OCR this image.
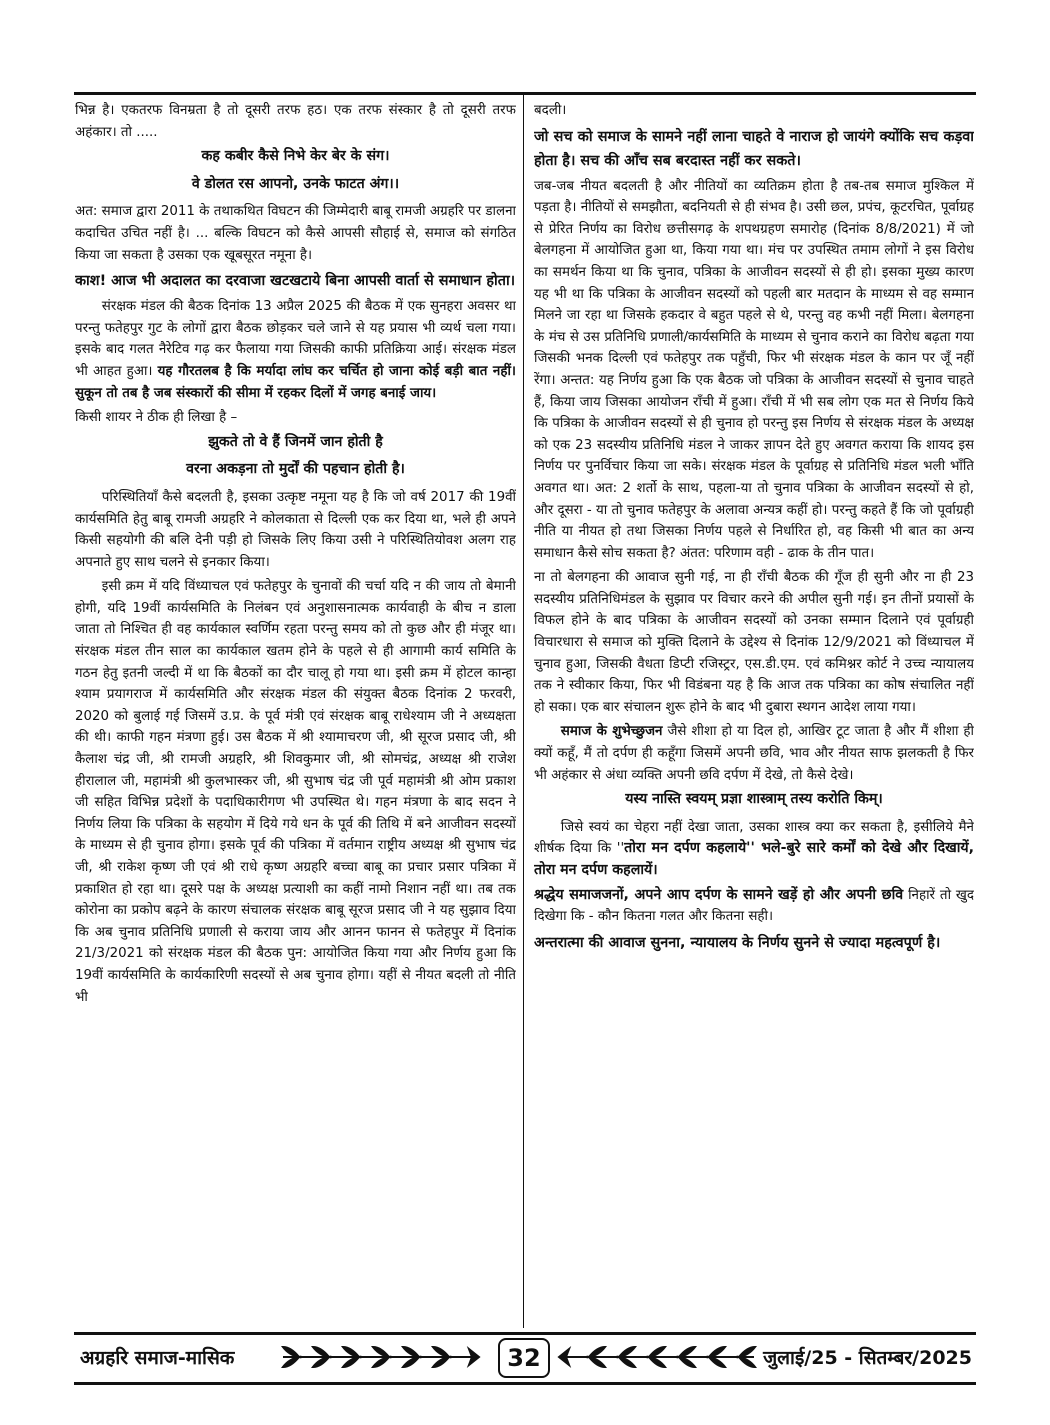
भिन्न है। एकतरफ विनम्रता है तो दूसरी तरफ हठ। एक तरफ संस्कार है तो दूसरी तरफ अहंकार। तो .....

कह कबीर कैसे निभे केर बेर के संग।

वे डोलत रस आपनो, उनके फाटत अंग।।

अत: समाज द्वारा 2011 के तथाकथित विघटन की जिम्मेदारी बाबू रामजी अग्रहरि पर डालना कदाचित उचित नहीं है। ... बल्कि विघटन को कैसे आपसी सौहाई से, समाज को संगठित किया जा सकता है उसका एक खूबसूरत नमूना है।

काश! आज भी अदालत का दरवाजा खटखटाये बिना आपसी वार्ता से समाधान होता।

संरक्षक मंडल की बैठक दिनांक 13 अप्रैल 2025 की बैठक में एक सुनहरा अवसर था परन्तु फतेहपुर गुट के लोगों द्वारा बैठक छोड़कर चले जाने से यह प्रयास भी व्यर्थ चला गया। इसके बाद गलत नैरेटिव गढ़ कर फैलाया गया जिसकी काफी प्रतिक्रिया आई। संरक्षक मंडल भी आहत हुआ। यह गौरतलब है कि मर्यादा लांघ कर चर्चित हो जाना कोई बड़ी बात नहीं। सुकून तो तब है जब संस्कारों की सीमा में रहकर दिलों में जगह बनाई जाय।

किसी शायर ने ठीक ही लिखा है –

झुकते तो वे हैं जिनमें जान होती है

वरना अकड़ना तो मुर्दों की पहचान होती है।

परिस्थितियाँ कैसे बदलती है, इसका उत्कृष्ट नमूना यह है कि जो वर्ष 2017 की 19वीं कार्यसमिति हेतु बाबू रामजी अग्रहरि ने कोलकाता से दिल्ली एक कर दिया था, भले ही अपने किसी सहयोगी की बलि देनी पड़ी हो जिसके लिए किया उसी ने परिस्थितियोवश अलग राह अपनाते हुए साथ चलने से इनकार किया।

इसी क्रम में यदि विंध्याचल एवं फतेहपुर के चुनावों की चर्चा यदि न की जाय तो बेमानी होगी, यदि 19वीं कार्यसमिति के निलंबन एवं अनुशासनात्मक कार्यवाही के बीच न डाला जाता तो निश्चित ही वह कार्यकाल स्वर्णिम रहता परन्तु समय को तो कुछ और ही मंजूर था। संरक्षक मंडल तीन साल का कार्यकाल खतम होने के पहले से ही आगामी कार्य समिति के गठन हेतु इतनी जल्दी में था कि बैठकों का दौर चालू हो गया था। इसी क्रम में होटल कान्हा श्याम प्रयागराज में कार्यसमिति और संरक्षक मंडल की संयुक्त बैठक दिनांक 2 फरवरी, 2020 को बुलाई गई जिसमें उ.प्र. के पूर्व मंत्री एवं संरक्षक बाबू राधेश्याम जी ने अध्यक्षता की थी। काफी गहन मंत्रणा हुई। उस बैठक में श्री श्यामाचरण जी, श्री सूरज प्रसाद जी, श्री कैलाश चंद्र जी, श्री रामजी अग्रहरि, श्री शिवकुमार जी, श्री सोमचंद्र, अध्यक्ष श्री राजेश हीरालाल जी, महामंत्री श्री कुलभास्कर जी, श्री सुभाष चंद्र जी पूर्व महामंत्री श्री ओम प्रकाश जी सहित विभिन्न प्रदेशों के पदाधिकारीगण भी उपस्थित थे। गहन मंत्रणा के बाद सदन ने निर्णय लिया कि पत्रिका के सहयोग में दिये गये धन के पूर्व की तिथि में बने आजीवन सदस्यों के माध्यम से ही चुनाव होगा। इसके पूर्व की पत्रिका में वर्तमान राष्ट्रीय अध्यक्ष श्री सुभाष चंद्र जी, श्री राकेश कृष्ण जी एवं श्री राधे कृष्ण अग्रहरि बच्चा बाबू का प्रचार प्रसार पत्रिका में प्रकाशित हो रहा था। दूसरे पक्ष के अध्यक्ष प्रत्याशी का कहीं नामो निशान नहीं था। तब तक कोरोना का प्रकोप बढ़ने के कारण संचालक संरक्षक बाबू सूरज प्रसाद जी ने यह सुझाव दिया कि अब चुनाव प्रतिनिधि प्रणाली से कराया जाय और आनन फानन से फतेहपुर में दिनांक 21/3/2021 को संरक्षक मंडल की बैठक पुन: आयोजित किया गया और निर्णय हुआ कि 19वीं कार्यसमिति के कार्यकारिणी सदस्यों से अब चुनाव होगा। यहीं से नीयत बदली तो नीति भी

बदली।

जो सच को समाज के सामने नहीं लाना चाहते वे नाराज हो जायंगे क्योंकि सच कड़वा होता है। सच की आँच सब बरदास्त नहीं कर सकते।

जब-जब नीयत बदलती है और नीतियों का व्यतिक्रम होता है तब-तब समाज मुश्किल में पड़ता है। नीतियों से समझौता, बदनियती से ही संभव है। उसी छल, प्रपंच, कूटरचित, पूर्वाग्रह से प्रेरित निर्णय का विरोध छत्तीसगढ़ के शपथग्रहण समारोह (दिनांक 8/8/2021) में जो बेलगहना में आयोजित हुआ था, किया गया था। मंच पर उपस्थित तमाम लोगों ने इस विरोध का समर्थन किया था कि चुनाव, पत्रिका के आजीवन सदस्यों से ही हो। इसका मुख्य कारण यह भी था कि पत्रिका के आजीवन सदस्यों को पहली बार मतदान के माध्यम से वह सम्मान मिलने जा रहा था जिसके हकदार वे बहुत पहले से थे, परन्तु वह कभी नहीं मिला। बेलगहना के मंच से उस प्रतिनिधि प्रणाली/कार्यसमिति के माध्यम से चुनाव कराने का विरोध बढ़ता गया जिसकी भनक दिल्ली एवं फतेहपुर तक पहुँची, फिर भी संरक्षक मंडल के कान पर जूँ नहीं रेंगा। अन्तत: यह निर्णय हुआ कि एक बैठक जो पत्रिका के आजीवन सदस्यों से चुनाव चाहते हैं, किया जाय जिसका आयोजन राँची में हुआ। राँची में भी सब लोग एक मत से निर्णय किये कि पत्रिका के आजीवन सदस्यों से ही चुनाव हो परन्तु इस निर्णय से संरक्षक मंडल के अध्यक्ष को एक 23 सदस्यीय प्रतिनिधि मंडल ने जाकर ज्ञापन देते हुए अवगत कराया कि शायद इस निर्णय पर पुनर्विचार किया जा सके। संरक्षक मंडल के पूर्वाग्रह से प्रतिनिधि मंडल भली भाँति अवगत था। अत: 2 शर्तो के साथ, पहला-या तो चुनाव पत्रिका के आजीवन सदस्यों से हो, और दूसरा - या तो चुनाव फतेहपुर के अलावा अन्यत्र कहीं हो। परन्तु कहते हैं कि जो पूर्वाग्रही नीति या नीयत हो तथा जिसका निर्णय पहले से निर्धारित हो, वह किसी भी बात का अन्य समाधान कैसे सोच सकता है? अंतत: परिणाम वही - ढाक के तीन पात।

ना तो बेलगहना की आवाज सुनी गई, ना ही राँची बैठक की गूँज ही सुनी और ना ही 23 सदस्यीय प्रतिनिधिमंडल के सुझाव पर विचार करने की अपील सुनी गई। इन तीनों प्रयासों के विफल होने के बाद पत्रिका के आजीवन सदस्यों को उनका सम्मान दिलाने एवं पूर्वाग्रही विचारधारा से समाज को मुक्ति दिलाने के उद्देश्य से दिनांक 12/9/2021 को विंध्याचल में चुनाव हुआ, जिसकी वैधता डिप्टी रजिस्ट्रर, एस.डी.एम. एवं कमिश्नर कोर्ट ने उच्च न्यायालय तक ने स्वीकार किया, फिर भी विडंबना यह है कि आज तक पत्रिका का कोष संचालित नहीं हो सका। एक बार संचालन शुरू होने के बाद भी दुबारा स्थगन आदेश लाया गया।

समाज के शुभेच्छुजन जैसे शीशा हो या दिल हो, आखिर टूट जाता है और मैं शीशा ही क्यों कहूँ, मैं तो दर्पण ही कहूँगा जिसमें अपनी छवि, भाव और नीयत साफ झलकती है फिर भी अहंकार से अंधा व्यक्ति अपनी छवि दर्पण में देखे, तो कैसे देखे।

यस्य नास्ति स्वयम् प्रज्ञा शास्त्राम् तस्य करोति किम्।

जिसे स्वयं का चेहरा नहीं देखा जाता, उसका शास्त्र क्या कर सकता है, इसीलिये मैने शीर्षक दिया कि ''तोरा मन दर्पण कहलाये'' भले-बुरे सारे कर्मों को देखे और दिखायें, तोरा मन दर्पण कहलायें।

श्रद्धेय समाजजनों, अपने आप दर्पण के सामने खड़ें हो और अपनी छवि निहारें तो खुद दिखेगा कि - कौन कितना गलत और कितना सही।

अन्तरात्मा की आवाज सुनना, न्यायालय के निर्णय सुनने से ज्यादा महत्वपूर्ण है।

अग्रहरि समाज-मासिक	32	जुलाई/25 - सितम्बर/2025
